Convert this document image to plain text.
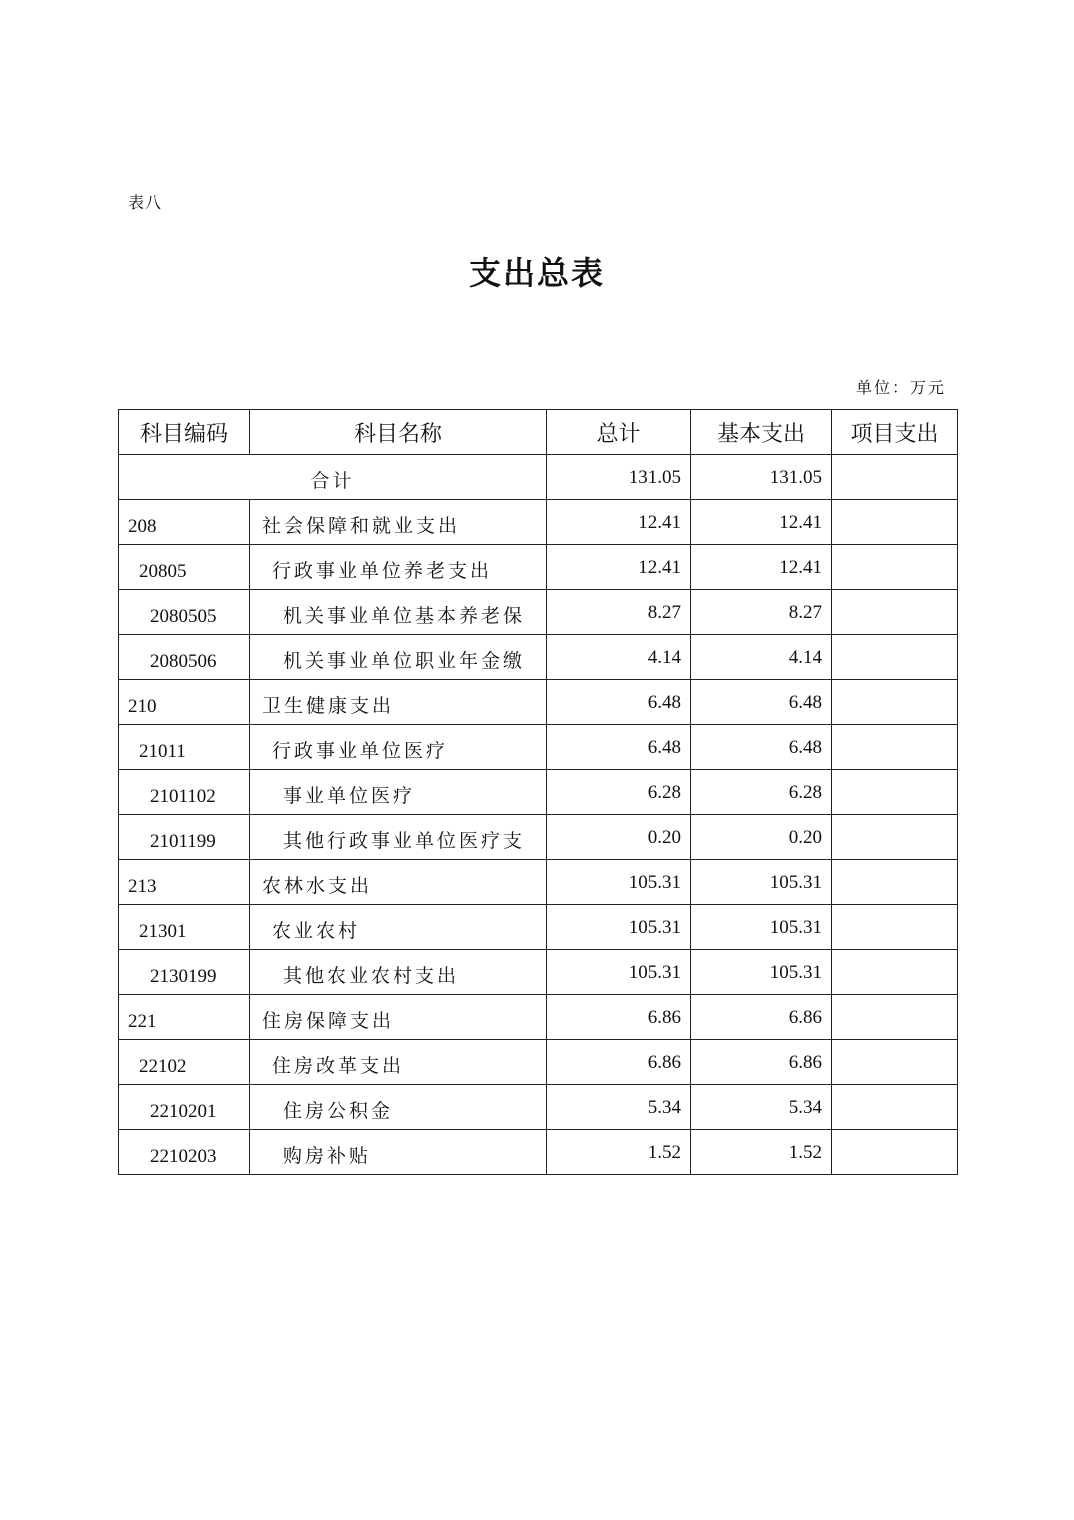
表八
支出总表
单位：万元
科目编码	科目名称	总计	基本支出	项目支出
合计		131.05	131.05	
208	社会保障和就业支出	12.41	12.41	
20805	行政事业单位养老支出	12.41	12.41	
2080505	机关事业单位基本养老保	8.27	8.27	
2080506	机关事业单位职业年金缴	4.14	4.14	
210	卫生健康支出	6.48	6.48	
21011	行政事业单位医疗	6.48	6.48	
2101102	事业单位医疗	6.28	6.28	
2101199	其他行政事业单位医疗支	0.20	0.20	
213	农林水支出	105.31	105.31	
21301	农业农村	105.31	105.31	
2130199	其他农业农村支出	105.31	105.31	
221	住房保障支出	6.86	6.86	
22102	住房改革支出	6.86	6.86	
2210201	住房公积金	5.34	5.34	
2210203	购房补贴	1.52	1.52	
